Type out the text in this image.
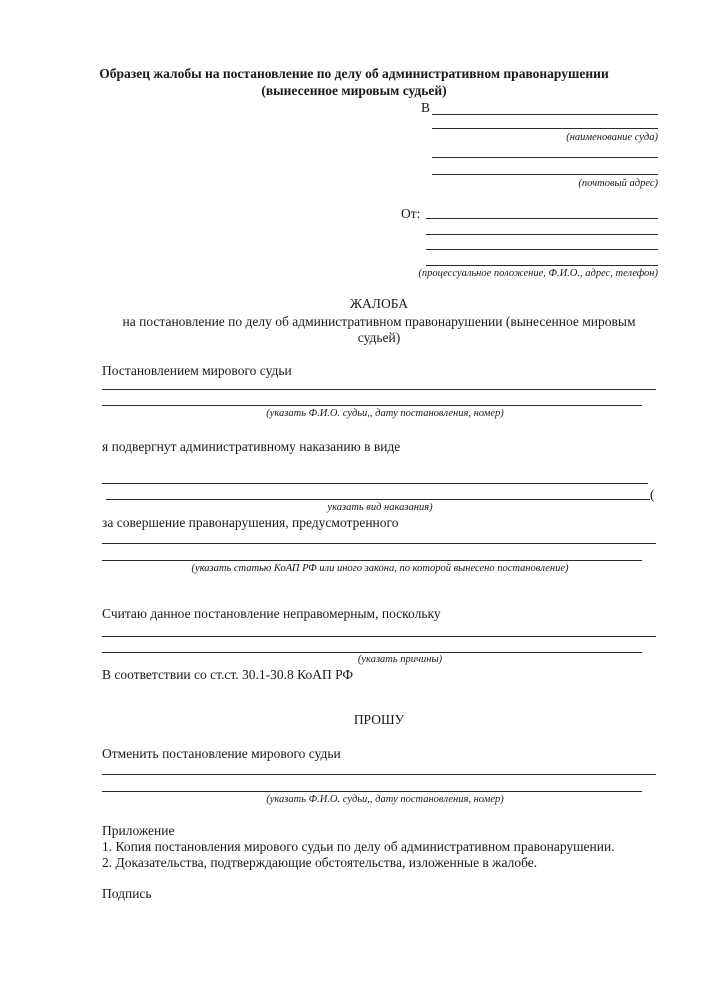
Образец жалобы на постановление по делу об административном правонарушении
(вынесенное мировым судьей)
В
(наименование суда)
(почтовый адрес)
От:
(процессуальное положение, Ф.И.О., адрес, телефон)
ЖАЛОБА
на постановление по делу об административном правонарушении (вынесенное мировым
судьей)
Постановлением мирового судьи
(указать Ф.И.О. судьи,, дату постановления, номер)
я подвергнут административному наказанию в виде
(
указать вид наказания)
за совершение правонарушения, предусмотренного
(указать статью КоАП РФ или иного закона, по которой вынесено постановление)
Считаю данное постановление неправомерным, поскольку
(указать причины)
В соответствии со ст.ст. 30.1-30.8 КоАП РФ
ПРОШУ
Отменить постановление мирового судьи
(указать Ф.И.О. судьи,, дату постановления, номер)
Приложение
1. Копия постановления мирового судьи по делу об административном правонарушении.
2. Доказательства, подтверждающие обстоятельства, изложенные в жалобе.
Подпись
